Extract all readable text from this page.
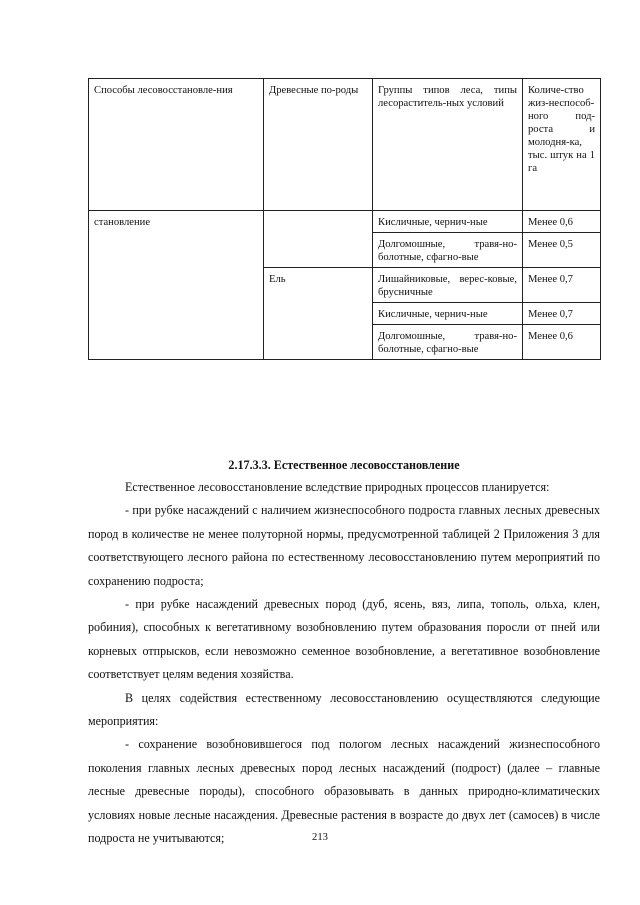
Способы лесовосстановле-ния	Древесные по-роды	Группы типов леса, типы лесораститель-ных условий	Количе-ство жиз-неспособ-ного под-роста и молодня-ка, тыс. штук на 1 га
становление		Кисличные, чернич-ные	Менее 0,6
		Долгомошные, травя-но-болотные, сфагно-вые	Менее 0,5
	Ель	Лишайниковые, верес-ковые, брусничные	Менее 0,7
		Кисличные, чернич-ные	Менее 0,7
		Долгомошные, травя-но-болотные, сфагно-вые	Менее 0,6
2.17.3.3. Естественное лесовосстановление

Естественное лесовосстановление вследствие природных процессов планируется:

- при рубке насаждений с наличием жизнеспособного подроста главных лесных древесных пород в количестве не менее полуторной нормы, предусмотренной таблицей 2 Приложения 3 для соответствующего лесного района по естественному лесовосстановлению путем мероприятий по сохранению подроста;

- при рубке насаждений древесных пород (дуб, ясень, вяз, липа, тополь, ольха, клен, робиния), способных к вегетативному возобновлению путем образования поросли от пней или корневых отпрысков, если невозможно семенное возобновление, а вегетативное возобновление соответствует целям ведения хозяйства.

В целях содействия естественному лесовосстановлению осуществляются следующие мероприятия:

- сохранение возобновившегося под пологом лесных насаждений жизнеспособного поколения главных лесных древесных пород лесных насаждений (подрост) (далее – главные лесные древесные породы), способного образовывать в данных природно-климатических условиях новые лесные насаждения. Древесные растения в возрасте до двух лет (самосев) в числе подроста не учитываются;	213
